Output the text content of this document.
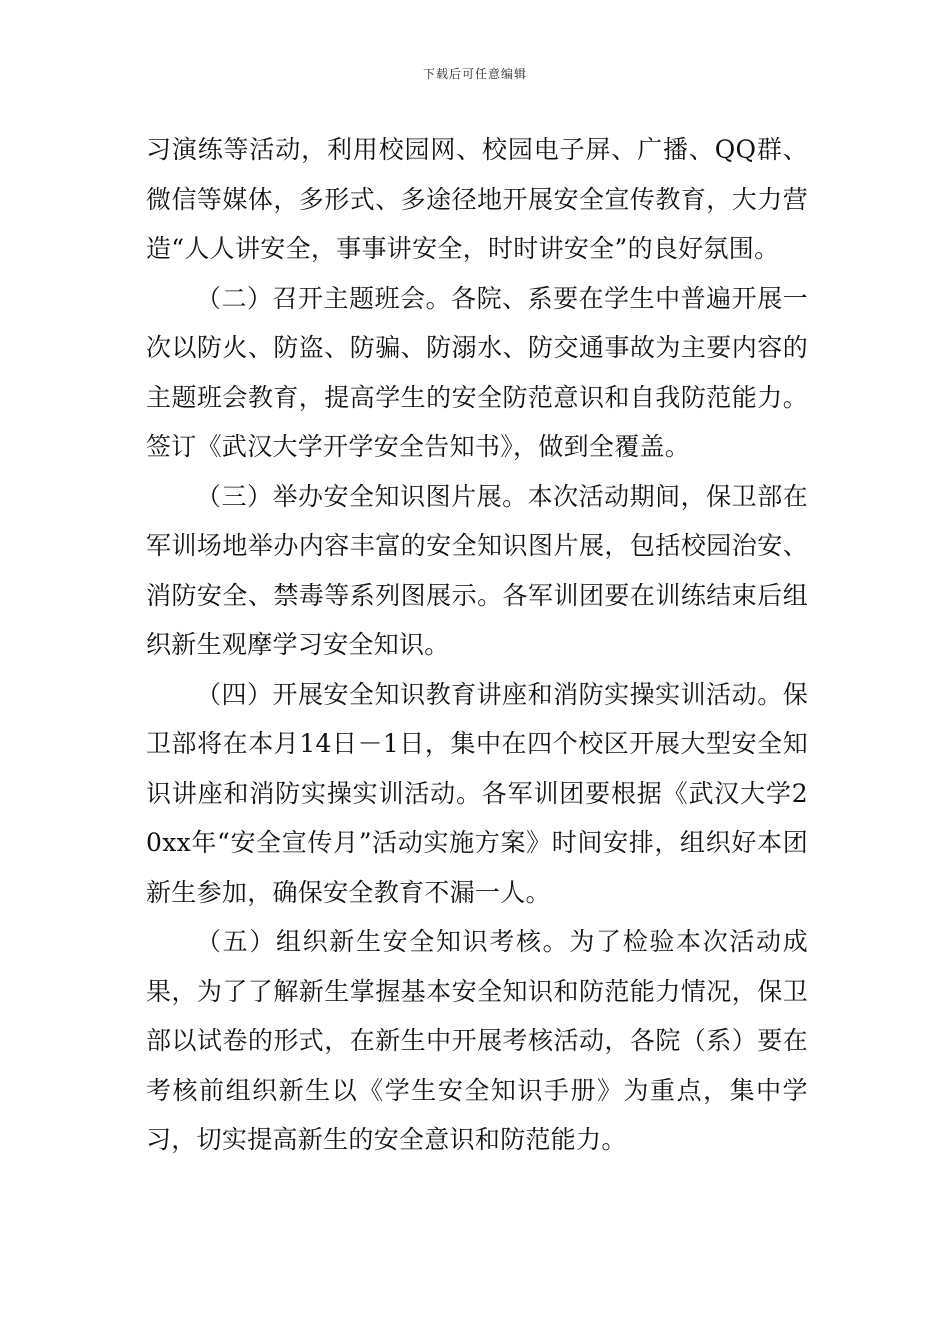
下载后可任意编辑

习演练等活动，利用校园网、校园电子屏、广播、QQ群、微信等媒体，多形式、多途径地开展安全宣传教育，大力营造“人人讲安全，事事讲安全，时时讲安全”的良好氛围。

（二）召开主题班会。各院、系要在学生中普遍开展一次以防火、防盗、防骗、防溺水、防交通事故为主要内容的主题班会教育，提高学生的安全防范意识和自我防范能力。签订《武汉大学开学安全告知书》，做到全覆盖。

（三）举办安全知识图片展。本次活动期间，保卫部在军训场地举办内容丰富的安全知识图片展，包括校园治安、消防安全、禁毒等系列图展示。各军训团要在训练结束后组织新生观摩学习安全知识。

（四）开展安全知识教育讲座和消防实操实训活动。保卫部将在本月14日－1日，集中在四个校区开展大型安全知识讲座和消防实操实训活动。各军训团要根据《武汉大学20xx年“安全宣传月”活动实施方案》时间安排，组织好本团新生参加，确保安全教育不漏一人。

（五）组织新生安全知识考核。为了检验本次活动成果，为了了解新生掌握基本安全知识和防范能力情况，保卫部以试卷的形式，在新生中开展考核活动，各院（系）要在考核前组织新生以《学生安全知识手册》为重点，集中学习，切实提高新生的安全意识和防范能力。
